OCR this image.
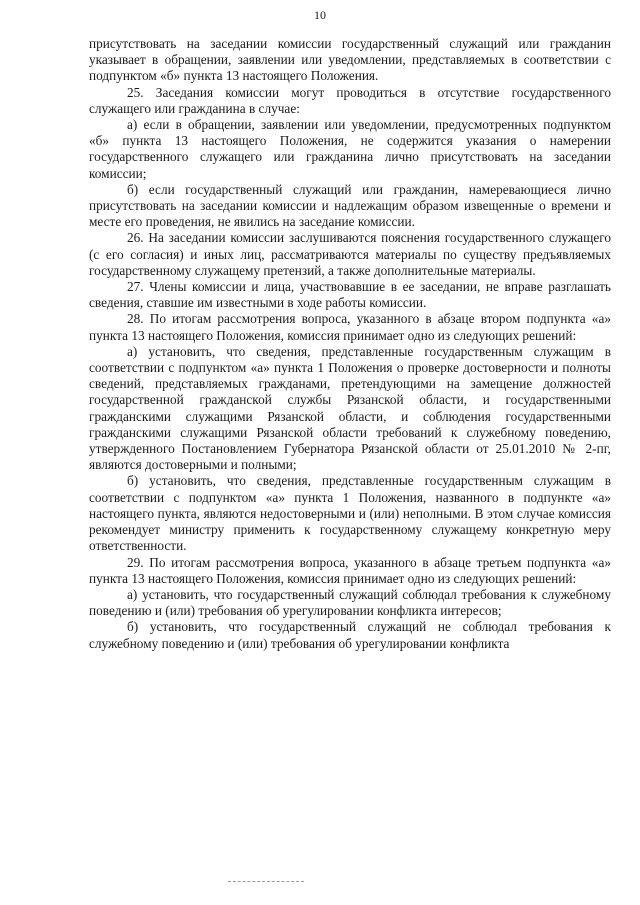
10

присутствовать на заседании комиссии государственный служащий или гражданин указывает в обращении, заявлении или уведомлении, представляемых в соответствии с подпунктом «б» пункта 13 настоящего Положения.

25. Заседания комиссии могут проводиться в отсутствие государственного служащего или гражданина в случае:

а) если в обращении, заявлении или уведомлении, предусмотренных подпунктом «б» пункта 13 настоящего Положения, не содержится указания о намерении государственного служащего или гражданина лично присутствовать на заседании комиссии;

б) если государственный служащий или гражданин, намеревающиеся лично присутствовать на заседании комиссии и надлежащим образом извещенные о времени и месте его проведения, не явились на заседание комиссии.

26. На заседании комиссии заслушиваются пояснения государственного служащего (с его согласия) и иных лиц, рассматриваются материалы по существу предъявляемых государственному служащему претензий, а также дополнительные материалы.

27. Члены комиссии и лица, участвовавшие в ее заседании, не вправе разглашать сведения, ставшие им известными в ходе работы комиссии.

28. По итогам рассмотрения вопроса, указанного в абзаце втором подпункта «а» пункта 13 настоящего Положения, комиссия принимает одно из следующих решений:

а) установить, что сведения, представленные государственным служащим в соответствии с подпунктом «а» пункта 1 Положения о проверке достоверности и полноты сведений, представляемых гражданами, претендующими на замещение должностей государственной гражданской службы Рязанской области, и государственными гражданскими служащими Рязанской области, и соблюдения государственными гражданскими служащими Рязанской области требований к служебному поведению, утвержденного Постановлением Губернатора Рязанской области от 25.01.2010 № 2-пг, являются достоверными и полными;

б) установить, что сведения, представленные государственным служащим в соответствии с подпунктом «а» пункта 1 Положения, названного в подпункте «а» настоящего пункта, являются недостоверными и (или) неполными. В этом случае комиссия рекомендует министру применить к государственному служащему конкретную меру ответственности.

29. По итогам рассмотрения вопроса, указанного в абзаце третьем подпункта «а» пункта 13 настоящего Положения, комиссия принимает одно из следующих решений:

а) установить, что государственный служащий соблюдал требования к служебному поведению и (или) требования об урегулировании конфликта интересов;

б) установить, что государственный служащий не соблюдал требования к служебному поведению и (или) требования об урегулировании конфликта
